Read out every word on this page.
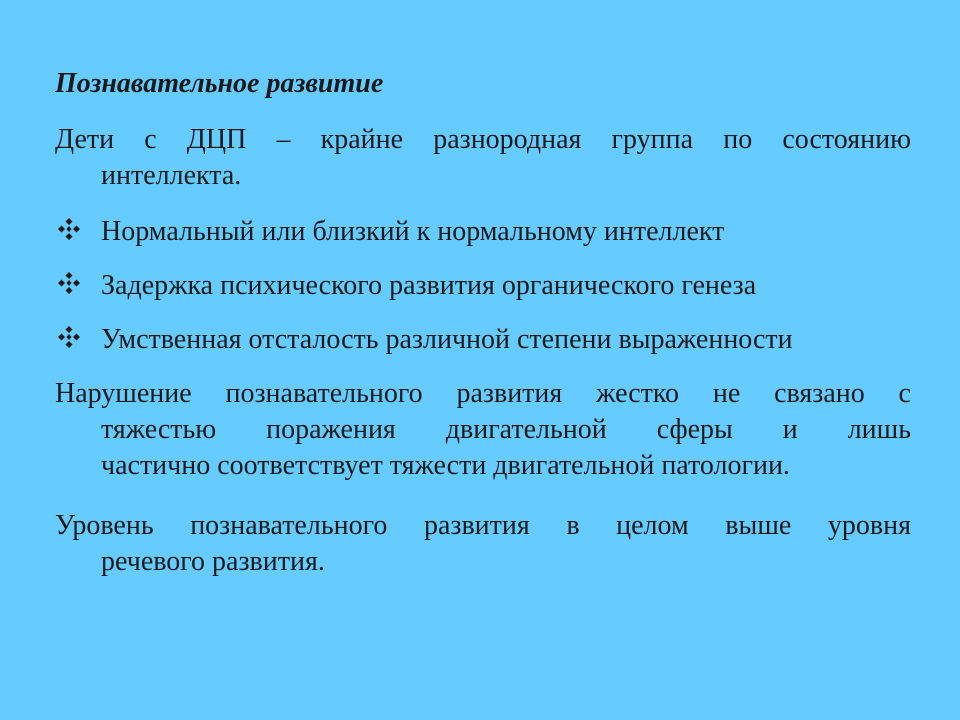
Познавательное развитие
Дети с ДЦП – крайне разнородная группа по состоянию
интеллекта.
Нормальный или близкий к нормальному интеллект
Задержка психического развития органического генеза
Умственная отсталость различной степени выраженности
Нарушение познавательного развития жестко не связано с
тяжестью поражения двигательной сферы и лишь
частично соответствует тяжести двигательной патологии.
Уровень познавательного развития в целом выше уровня
речевого развития.
